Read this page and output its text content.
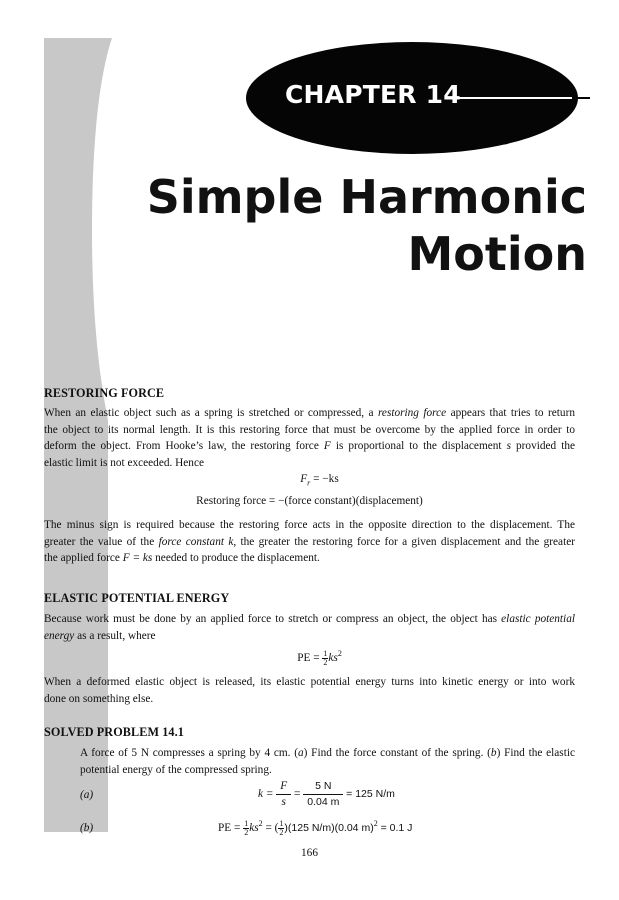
CHAPTER 14
Simple Harmonic
Motion
RESTORING FORCE
When an elastic object such as a spring is stretched or compressed, a restoring force appears that tries to return
the object to its normal length. It is this restoring force that must be overcome by the applied force in order to
deform the object. From Hooke’s law, the restoring force F is proportional to the displacement s provided the
elastic limit is not exceeded. Hence
$F_r = -ks$
Restoring force = −(force constant)(displacement)
The minus sign is required because the restoring force acts in the opposite direction to the displacement. The
greater the value of the force constant k, the greater the restoring force for a given displacement and the greater
the applied force F = ks needed to produce the displacement.
ELASTIC POTENTIAL ENERGY
Because work must be done by an applied force to stretch or compress an object, the object has elastic potential
energy as a result, where
PE = $\frac{1}{2} ks^2$
When a deformed elastic object is released, its elastic potential energy turns into kinetic energy or into work
done on something else.
SOLVED PROBLEM 14.1
A force of 5 N compresses a spring by 4 cm. (a) Find the force constant of the spring. (b) Find the elastic
potential energy of the compressed spring.
(a)	$k = \frac{F}{s} = \frac{5 N}{0.04 m} = 125$ N/m
(b)	PE = $\frac{1}{2} ks^2$ = ( $\frac{1}{2} )(125$ N/m)(0.04 m)$^2$ = 0.1 J
166
